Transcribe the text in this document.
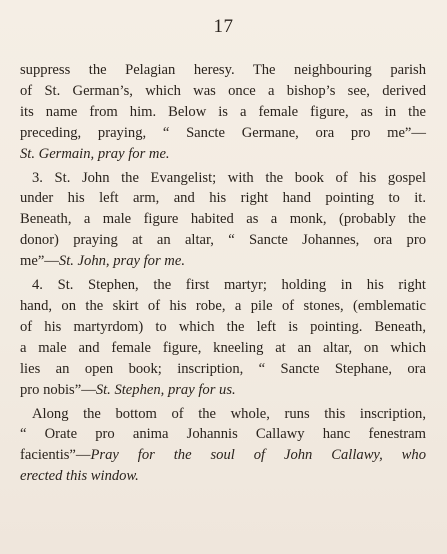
17
suppress the Pelagian heresy. The neighbouring parish
of St. German’s, which was once a bishop’s see, derived
its name from him. Below is a female figure, as in the
preceding, praying, “ Sancte Germane, ora pro me”—
St. Germain, pray for me.
3. St. John the Evangelist; with the book of his gospel
under his left arm, and his right hand pointing to it.
Beneath, a male figure habited as a monk, (probably the
donor) praying at an altar, “ Sancte Johannes, ora pro
me”—St. John, pray for me.
4. St. Stephen, the first martyr; holding in his right
hand, on the skirt of his robe, a pile of stones, (emblematic
of his martyrdom) to which the left is pointing. Beneath,
a male and female figure, kneeling at an altar, on which
lies an open book; inscription, “ Sancte Stephane, ora
pro nobis”—St. Stephen, pray for us.
Along the bottom of the whole, runs this inscription,
“ Orate pro anima Johannis Callawy hanc fenestram
facientis”—Pray for the soul of John Callawy, who
erected this window.
